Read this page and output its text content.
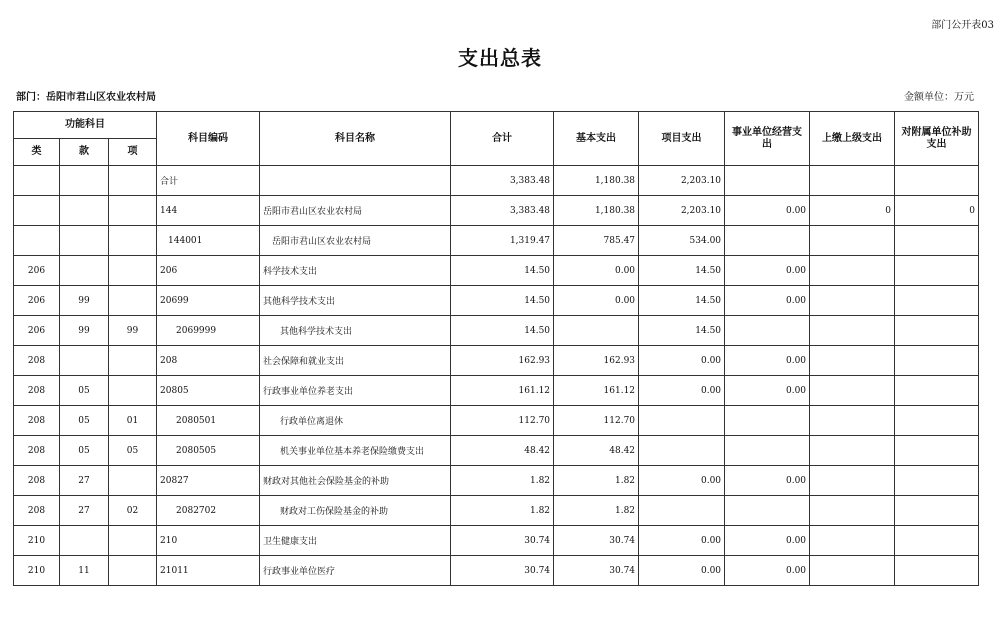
部门公开表03
支出总表
部门：岳阳市君山区农业农村局	金额单位：万元
功能科目			科目编码	科目名称	合计	基本支出	项目支出	事业单位经营支出	上缴上级支出	对附属单位补助支出
类	款	项								
			合计		3,383.48	1,180.38	2,203.10			
			144	岳阳市君山区农业农村局	3,383.48	1,180.38	2,203.10	0.00	0	0
			144001	岳阳市君山区农业农村局	1,319.47	785.47	534.00			
206			206	科学技术支出	14.50	0.00	14.50	0.00		
206	99		20699	其他科学技术支出	14.50	0.00	14.50	0.00		
206	99	99	2069999	其他科学技术支出	14.50		14.50			
208			208	社会保障和就业支出	162.93	162.93	0.00	0.00		
208	05		20805	行政事业单位养老支出	161.12	161.12	0.00	0.00		
208	05	01	2080501	行政单位离退休	112.70	112.70				
208	05	05	2080505	机关事业单位基本养老保险缴费支出	48.42	48.42				
208	27		20827	财政对其他社会保险基金的补助	1.82	1.82	0.00	0.00		
208	27	02	2082702	财政对工伤保险基金的补助	1.82	1.82				
210			210	卫生健康支出	30.74	30.74	0.00	0.00		
210	11		21011	行政事业单位医疗	30.74	30.74	0.00	0.00		
